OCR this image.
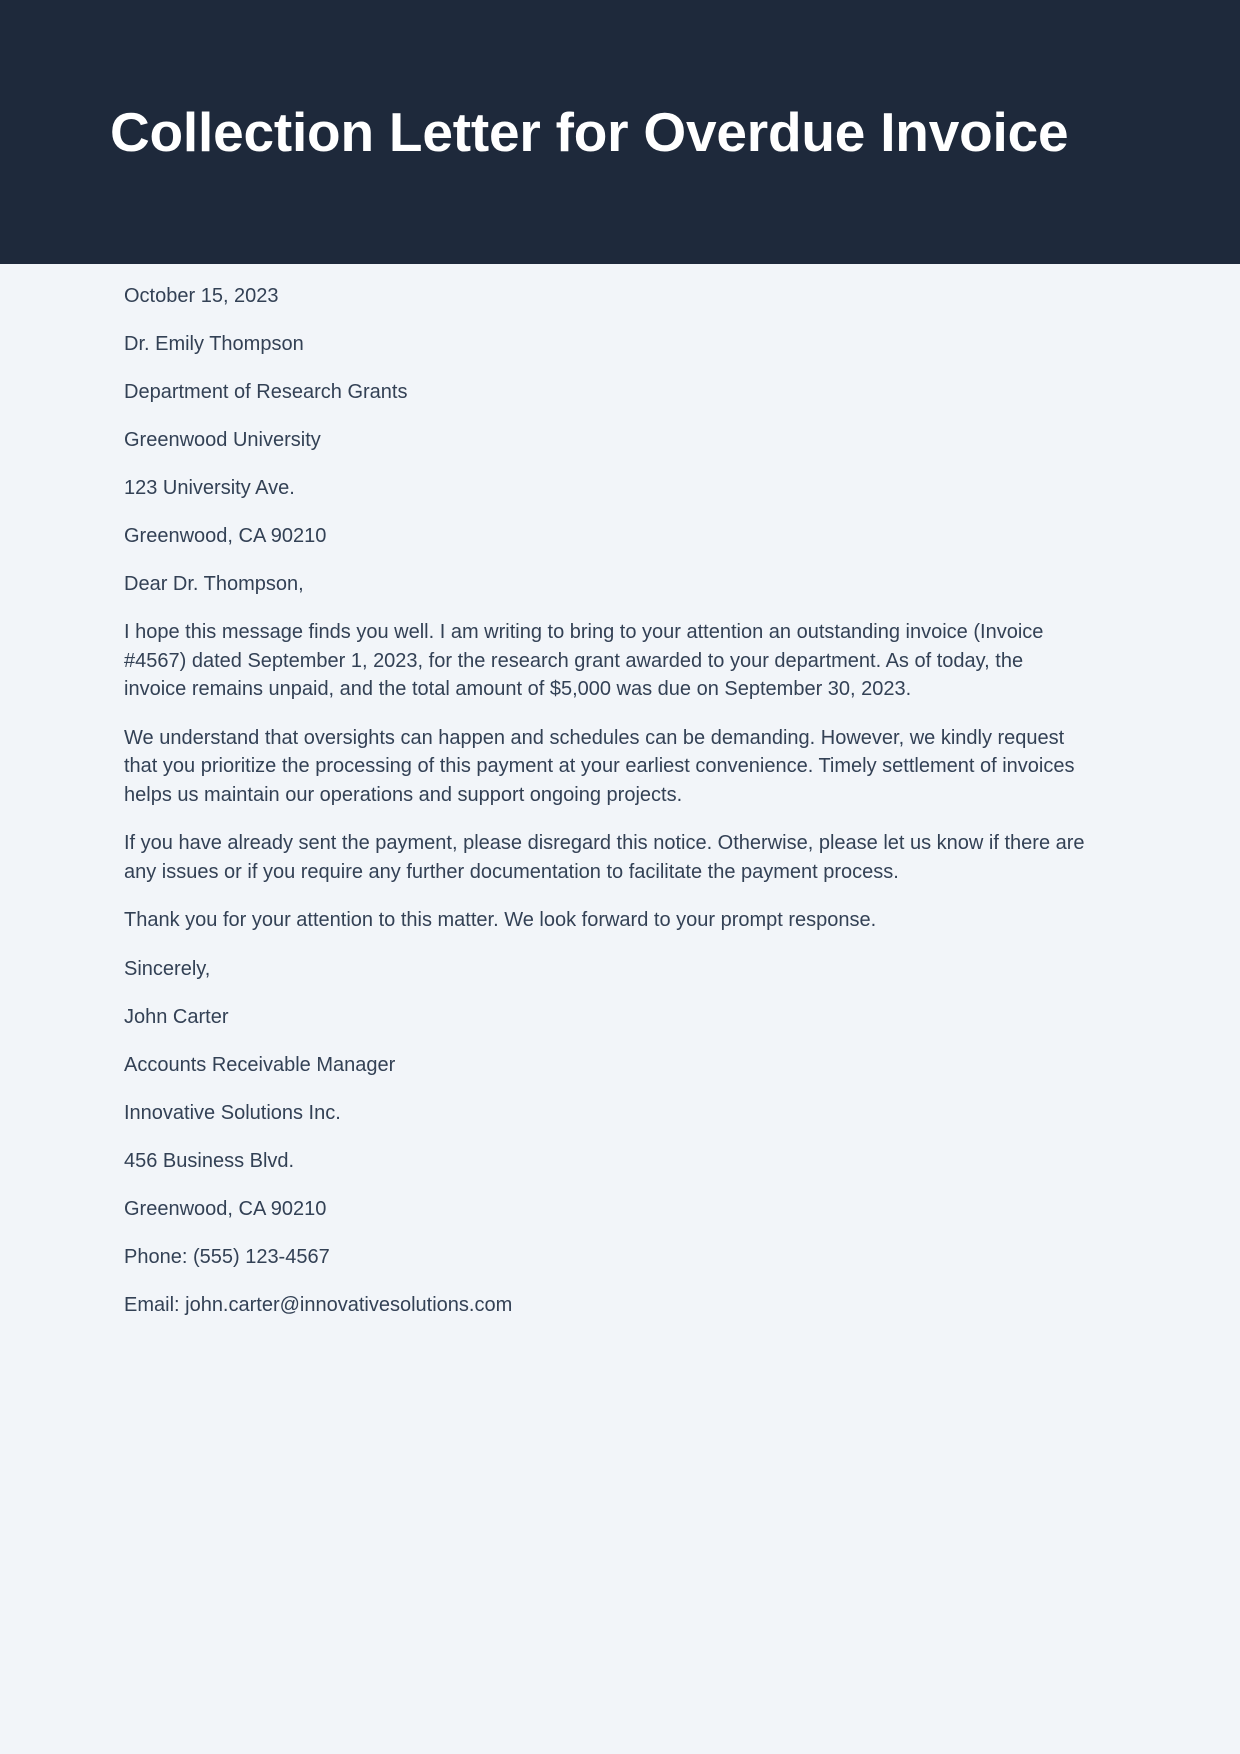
Collection Letter for Overdue Invoice

October 15, 2023

Dr. Emily Thompson

Department of Research Grants

Greenwood University

123 University Ave.

Greenwood, CA 90210

Dear Dr. Thompson,

I hope this message finds you well. I am writing to bring to your attention an outstanding invoice (Invoice #4567) dated September 1, 2023, for the research grant awarded to your department. As of today, the invoice remains unpaid, and the total amount of $5,000 was due on September 30, 2023.

We understand that oversights can happen and schedules can be demanding. However, we kindly request that you prioritize the processing of this payment at your earliest convenience. Timely settlement of invoices helps us maintain our operations and support ongoing projects.

If you have already sent the payment, please disregard this notice. Otherwise, please let us know if there are any issues or if you require any further documentation to facilitate the payment process.

Thank you for your attention to this matter. We look forward to your prompt response.

Sincerely,

John Carter

Accounts Receivable Manager

Innovative Solutions Inc.

456 Business Blvd.

Greenwood, CA 90210

Phone: (555) 123-4567

Email: john.carter@innovativesolutions.com
